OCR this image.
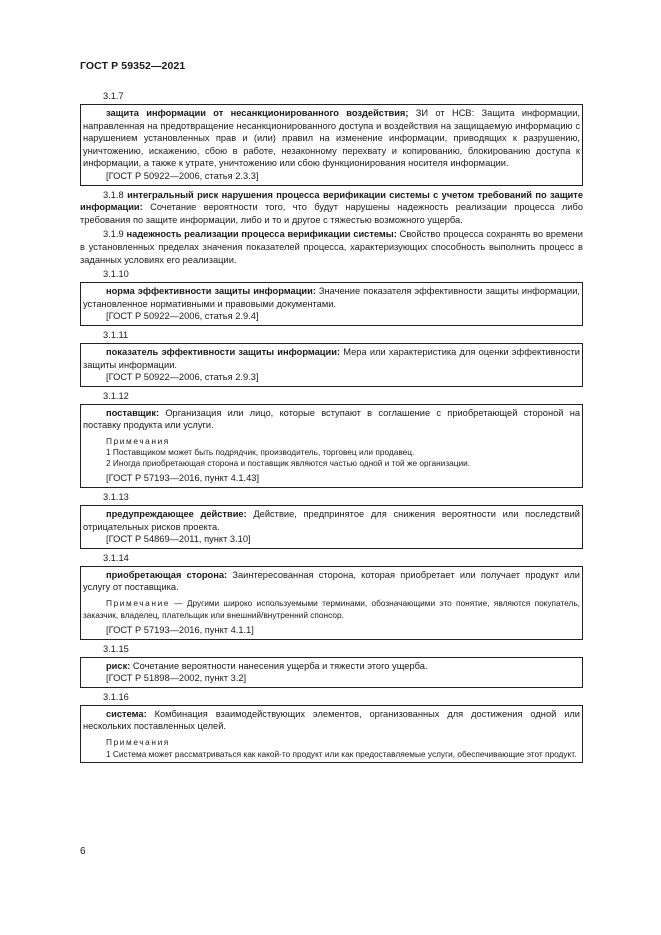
ГОСТ Р 59352—2021
3.1.7

защита информации от несанкционированного воздействия; ЗИ от НСВ: Защита информации, направленная на предотвращение несанкционированного доступа и воздействия на защищаемую информацию с нарушением установленных прав и (или) правил на изменение информации, приводящих к разрушению, уничтожению, искажению, сбою в работе, незаконному перехвату и копированию, блокированию доступа к информации, а также к утрате, уничтожению или сбою функционирования носителя информации.

[ГОСТ Р 50922—2006, статья 2.3.3]

3.1.8 интегральный риск нарушения процесса верификации системы с учетом требований по защите информации: Сочетание вероятности того, что будут нарушены надежность реализации процесса либо требования по защите информации, либо и то и другое с тяжестью возможного ущерба.

3.1.9 надежность реализации процесса верификации системы: Свойство процесса сохранять во времени в установленных пределах значения показателей процесса, характеризующих способность выполнить процесс в заданных условиях его реализации.

3.1.10

норма эффективности защиты информации: Значение показателя эффективности защиты информации, установленное нормативными и правовыми документами.

[ГОСТ Р 50922—2006, статья 2.9.4]
3.1.11

показатель эффективности защиты информации: Мера или характеристика для оценки эффективности защиты информации.

[ГОСТ Р 50922—2006, статья 2.9.3]
3.1.12

поставщик: Организация или лицо, которые вступают в соглашение с приобретающей стороной на поставку продукта или услуги.

Примечания
1 Поставщиком может быть подрядчик, производитель, торговец или продавец.
2 Иногда приобретающая сторона и поставщик являются частью одной и той же организации.
[ГОСТ Р 57193—2016, пункт 4.1.43]
3.1.13

предупреждающее действие: Действие, предпринятое для снижения вероятности или последствий отрицательных рисков проекта.

[ГОСТ Р 54869—2011, пункт 3.10]
3.1.14

приобретающая сторона: Заинтересованная сторона, которая приобретает или получает продукт или услугу от поставщика.

Примечание — Другими широко используемыми терминами, обозначающими это понятие, являются покупатель, заказчик, владелец, плательщик или внешний/внутренний спонсор.
[ГОСТ Р 57193—2016, пункт 4.1.1]
3.1.15

риск: Сочетание вероятности нанесения ущерба и тяжести этого ущерба.

[ГОСТ Р 51898—2002, пункт 3.2]
3.1.16

система: Комбинация взаимодействующих элементов, организованных для достижения одной или нескольких поставленных целей.

Примечания
1 Система может рассматриваться как какой-то продукт или как предоставляемые услуги, обеспечивающие этот продукт.
6
